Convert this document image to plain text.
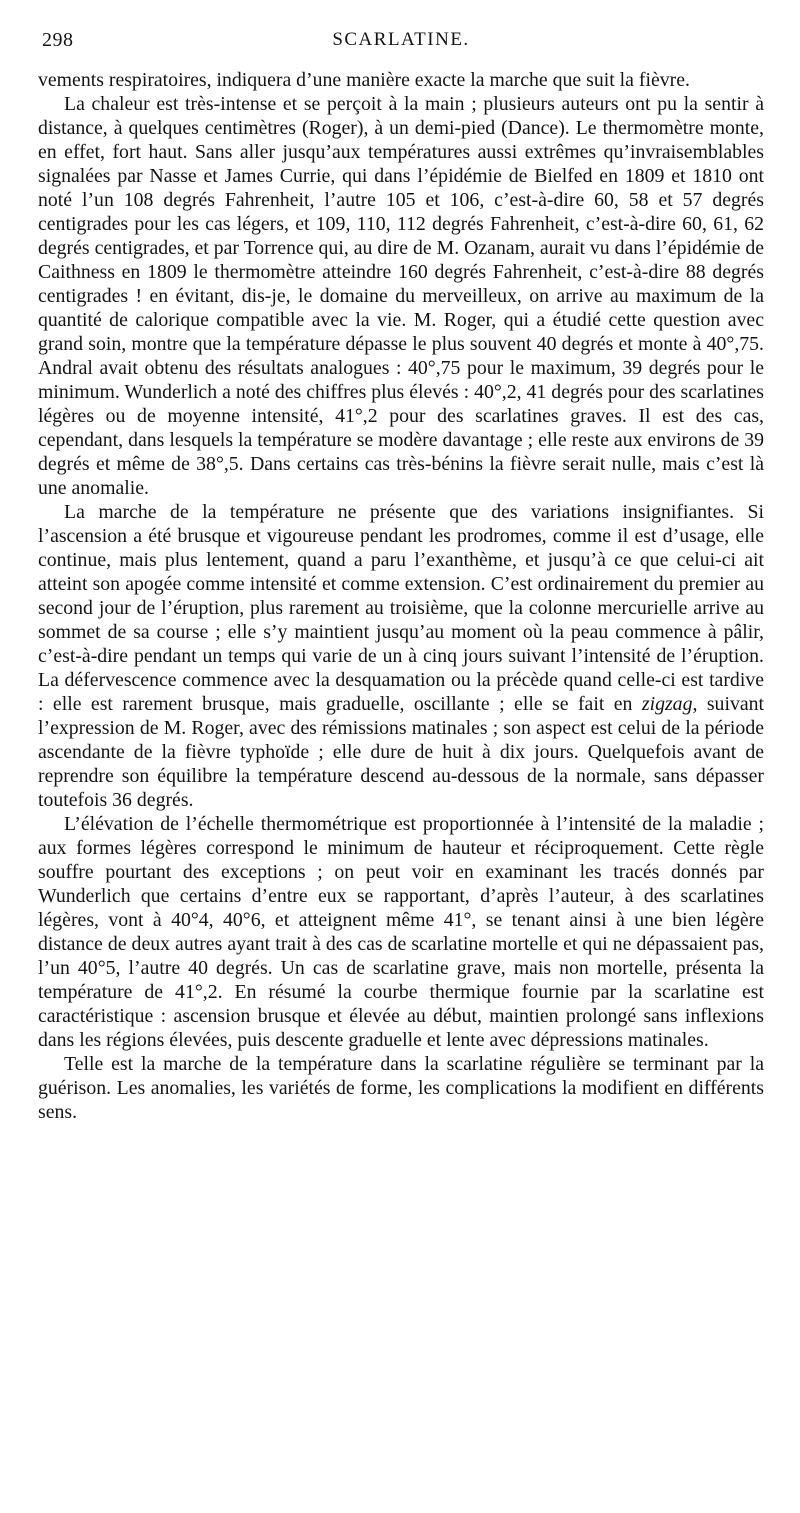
298	SCARLATINE.

vements respiratoires, indiquera d’une manière exacte la marche que suit la fièvre.

La chaleur est très-intense et se perçoit à la main ; plusieurs auteurs ont pu la sentir à distance, à quelques centimètres (Roger), à un demi-pied (Dance). Le thermomètre monte, en effet, fort haut. Sans aller jusqu’aux températures aussi extrêmes qu’invraisemblables signalées par Nasse et James Currie, qui dans l’épidémie de Bielfed en 1809 et 1810 ont noté l’un 108 degrés Fahrenheit, l’autre 105 et 106, c’est-à-dire 60, 58 et 57 degrés centigrades pour les cas légers, et 109, 110, 112 degrés Fahrenheit, c’est-à-dire 60, 61, 62 degrés centigrades, et par Torrence qui, au dire de M. Ozanam, aurait vu dans l’épidémie de Caithness en 1809 le thermomètre atteindre 160 degrés Fahrenheit, c’est-à-dire 88 degrés centigrades ! en évitant, dis-je, le domaine du merveilleux, on arrive au maximum de la quantité de calorique compatible avec la vie. M. Roger, qui a étudié cette question avec grand soin, montre que la température dépasse le plus souvent 40 degrés et monte à 40°,75. Andral avait obtenu des résultats analogues : 40°,75 pour le maximum, 39 degrés pour le minimum. Wunderlich a noté des chiffres plus élevés : 40°,2, 41 degrés pour des scarlatines légères ou de moyenne intensité, 41°,2 pour des scarlatines graves. Il est des cas, cependant, dans lesquels la température se modère davantage ; elle reste aux environs de 39 degrés et même de 38°,5. Dans certains cas très-bénins la fièvre serait nulle, mais c’est là une anomalie.

La marche de la température ne présente que des variations insignifiantes. Si l’ascension a été brusque et vigoureuse pendant les prodromes, comme il est d’usage, elle continue, mais plus lentement, quand a paru l’exanthème, et jusqu’à ce que celui-ci ait atteint son apogée comme intensité et comme extension. C’est ordinairement du premier au second jour de l’éruption, plus rarement au troisième, que la colonne mercurielle arrive au sommet de sa course ; elle s’y maintient jusqu’au moment où la peau commence à pâlir, c’est-à-dire pendant un temps qui varie de un à cinq jours suivant l’intensité de l’éruption. La défervescence commence avec la desquamation ou la précède quand celle-ci est tardive : elle est rarement brusque, mais graduelle, oscillante ; elle se fait en zigzag, suivant l’expression de M. Roger, avec des rémissions matinales ; son aspect est celui de la période ascendante de la fièvre typhoïde ; elle dure de huit à dix jours. Quelquefois avant de reprendre son équilibre la température descend au-dessous de la normale, sans dépasser toutefois 36 degrés.

L’élévation de l’échelle thermométrique est proportionnée à l’intensité de la maladie ; aux formes légères correspond le minimum de hauteur et réciproquement. Cette règle souffre pourtant des exceptions ; on peut voir en examinant les tracés donnés par Wunderlich que certains d’entre eux se rapportant, d’après l’auteur, à des scarlatines légères, vont à 40°4, 40°6, et atteignent même 41°, se tenant ainsi à une bien légère distance de deux autres ayant trait à des cas de scarlatine mortelle et qui ne dépassaient pas, l’un 40°5, l’autre 40 degrés. Un cas de scarlatine grave, mais non mortelle, présenta la température de 41°,2. En résumé la courbe thermique fournie par la scarlatine est caractéristique : ascension brusque et élevée au début, maintien prolongé sans inflexions dans les régions élevées, puis descente graduelle et lente avec dépressions matinales.

Telle est la marche de la température dans la scarlatine régulière se terminant par la guérison. Les anomalies, les variétés de forme, les complications la modifient en différents sens.
